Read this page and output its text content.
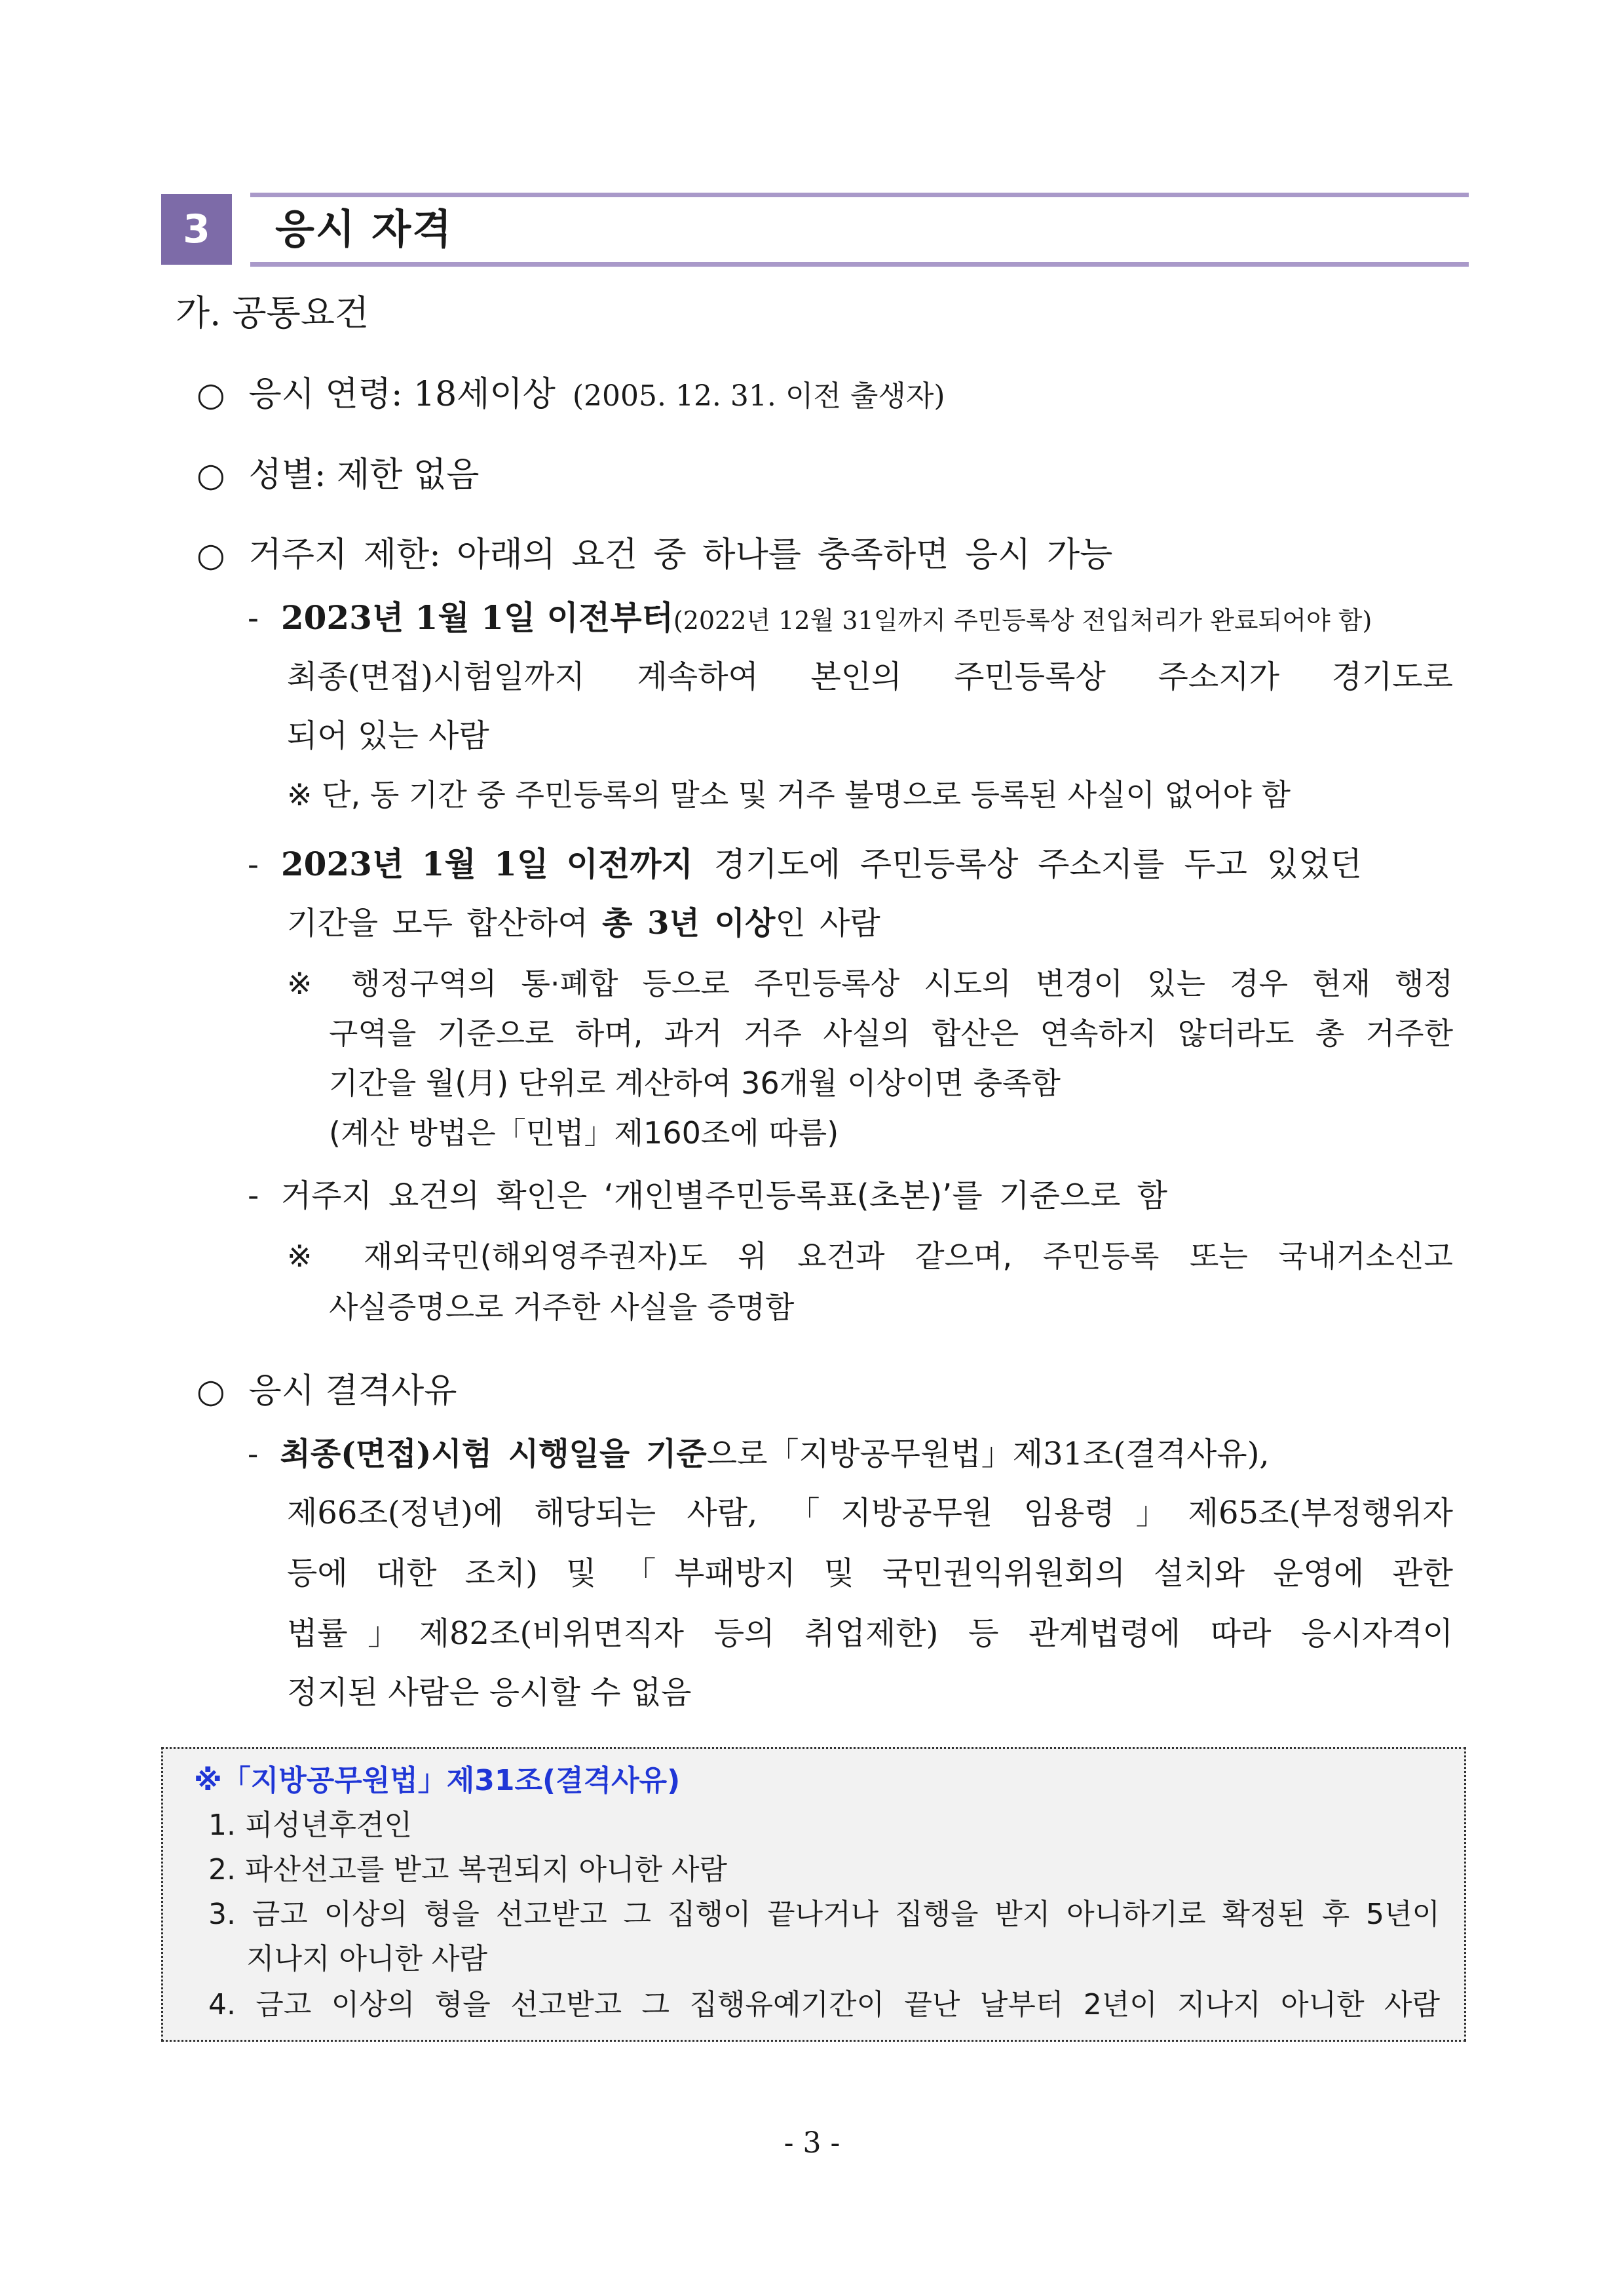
3	응시 자격
가. 공통요건
○ 응시 연령: 18세이상 (2005. 12. 31. 이전 출생자)
○ 성별: 제한 없음
○ 거주지 제한: 아래의 요건 중 하나를 충족하면 응시 가능
- 2023년 1월 1일 이전부터(2022년 12월 31일까지 주민등록상 전입처리가 완료되어야 함)
최종(면접)시험일까지 계속하여 본인의 주민등록상 주소지가 경기도로
되어 있는 사람
※ 단, 동 기간 중 주민등록의 말소 및 거주 불명으로 등록된 사실이 없어야 함
- 2023년 1월 1일 이전까지 경기도에 주민등록상 주소지를 두고 있었던
기간을 모두 합산하여 총 3년 이상인 사람
※ 행정구역의 통·폐합 등으로 주민등록상 시도의 변경이 있는 경우 현재 행정
구역을 기준으로 하며, 과거 거주 사실의 합산은 연속하지 않더라도 총 거주한
기간을 월(月) 단위로 계산하여 36개월 이상이면 충족함
(계산 방법은「민법」제160조에 따름)
- 거주지 요건의 확인은 ‘개인별주민등록표(초본)’를 기준으로 함
※ 재외국민(해외영주권자)도 위 요건과 같으며, 주민등록 또는 국내거소신고
사실증명으로 거주한 사실을 증명함
○ 응시 결격사유
- 최종(면접)시험 시행일을 기준으로「지방공무원법」제31조(결격사유),
제66조(정년)에 해당되는 사람, 「지방공무원 임용령」제65조(부정행위자
등에 대한 조치) 및 「부패방지 및 국민권익위원회의 설치와 운영에 관한
법률」제82조(비위면직자 등의 취업제한) 등 관계법령에 따라 응시자격이
정지된 사람은 응시할 수 없음
※「지방공무원법」제31조(결격사유)
1. 피성년후견인
2. 파산선고를 받고 복권되지 아니한 사람
3. 금고 이상의 형을 선고받고 그 집행이 끝나거나 집행을 받지 아니하기로 확정된 후 5년이
지나지 아니한 사람
4. 금고 이상의 형을 선고받고 그 집행유예기간이 끝난 날부터 2년이 지나지 아니한 사람
- 3 -
